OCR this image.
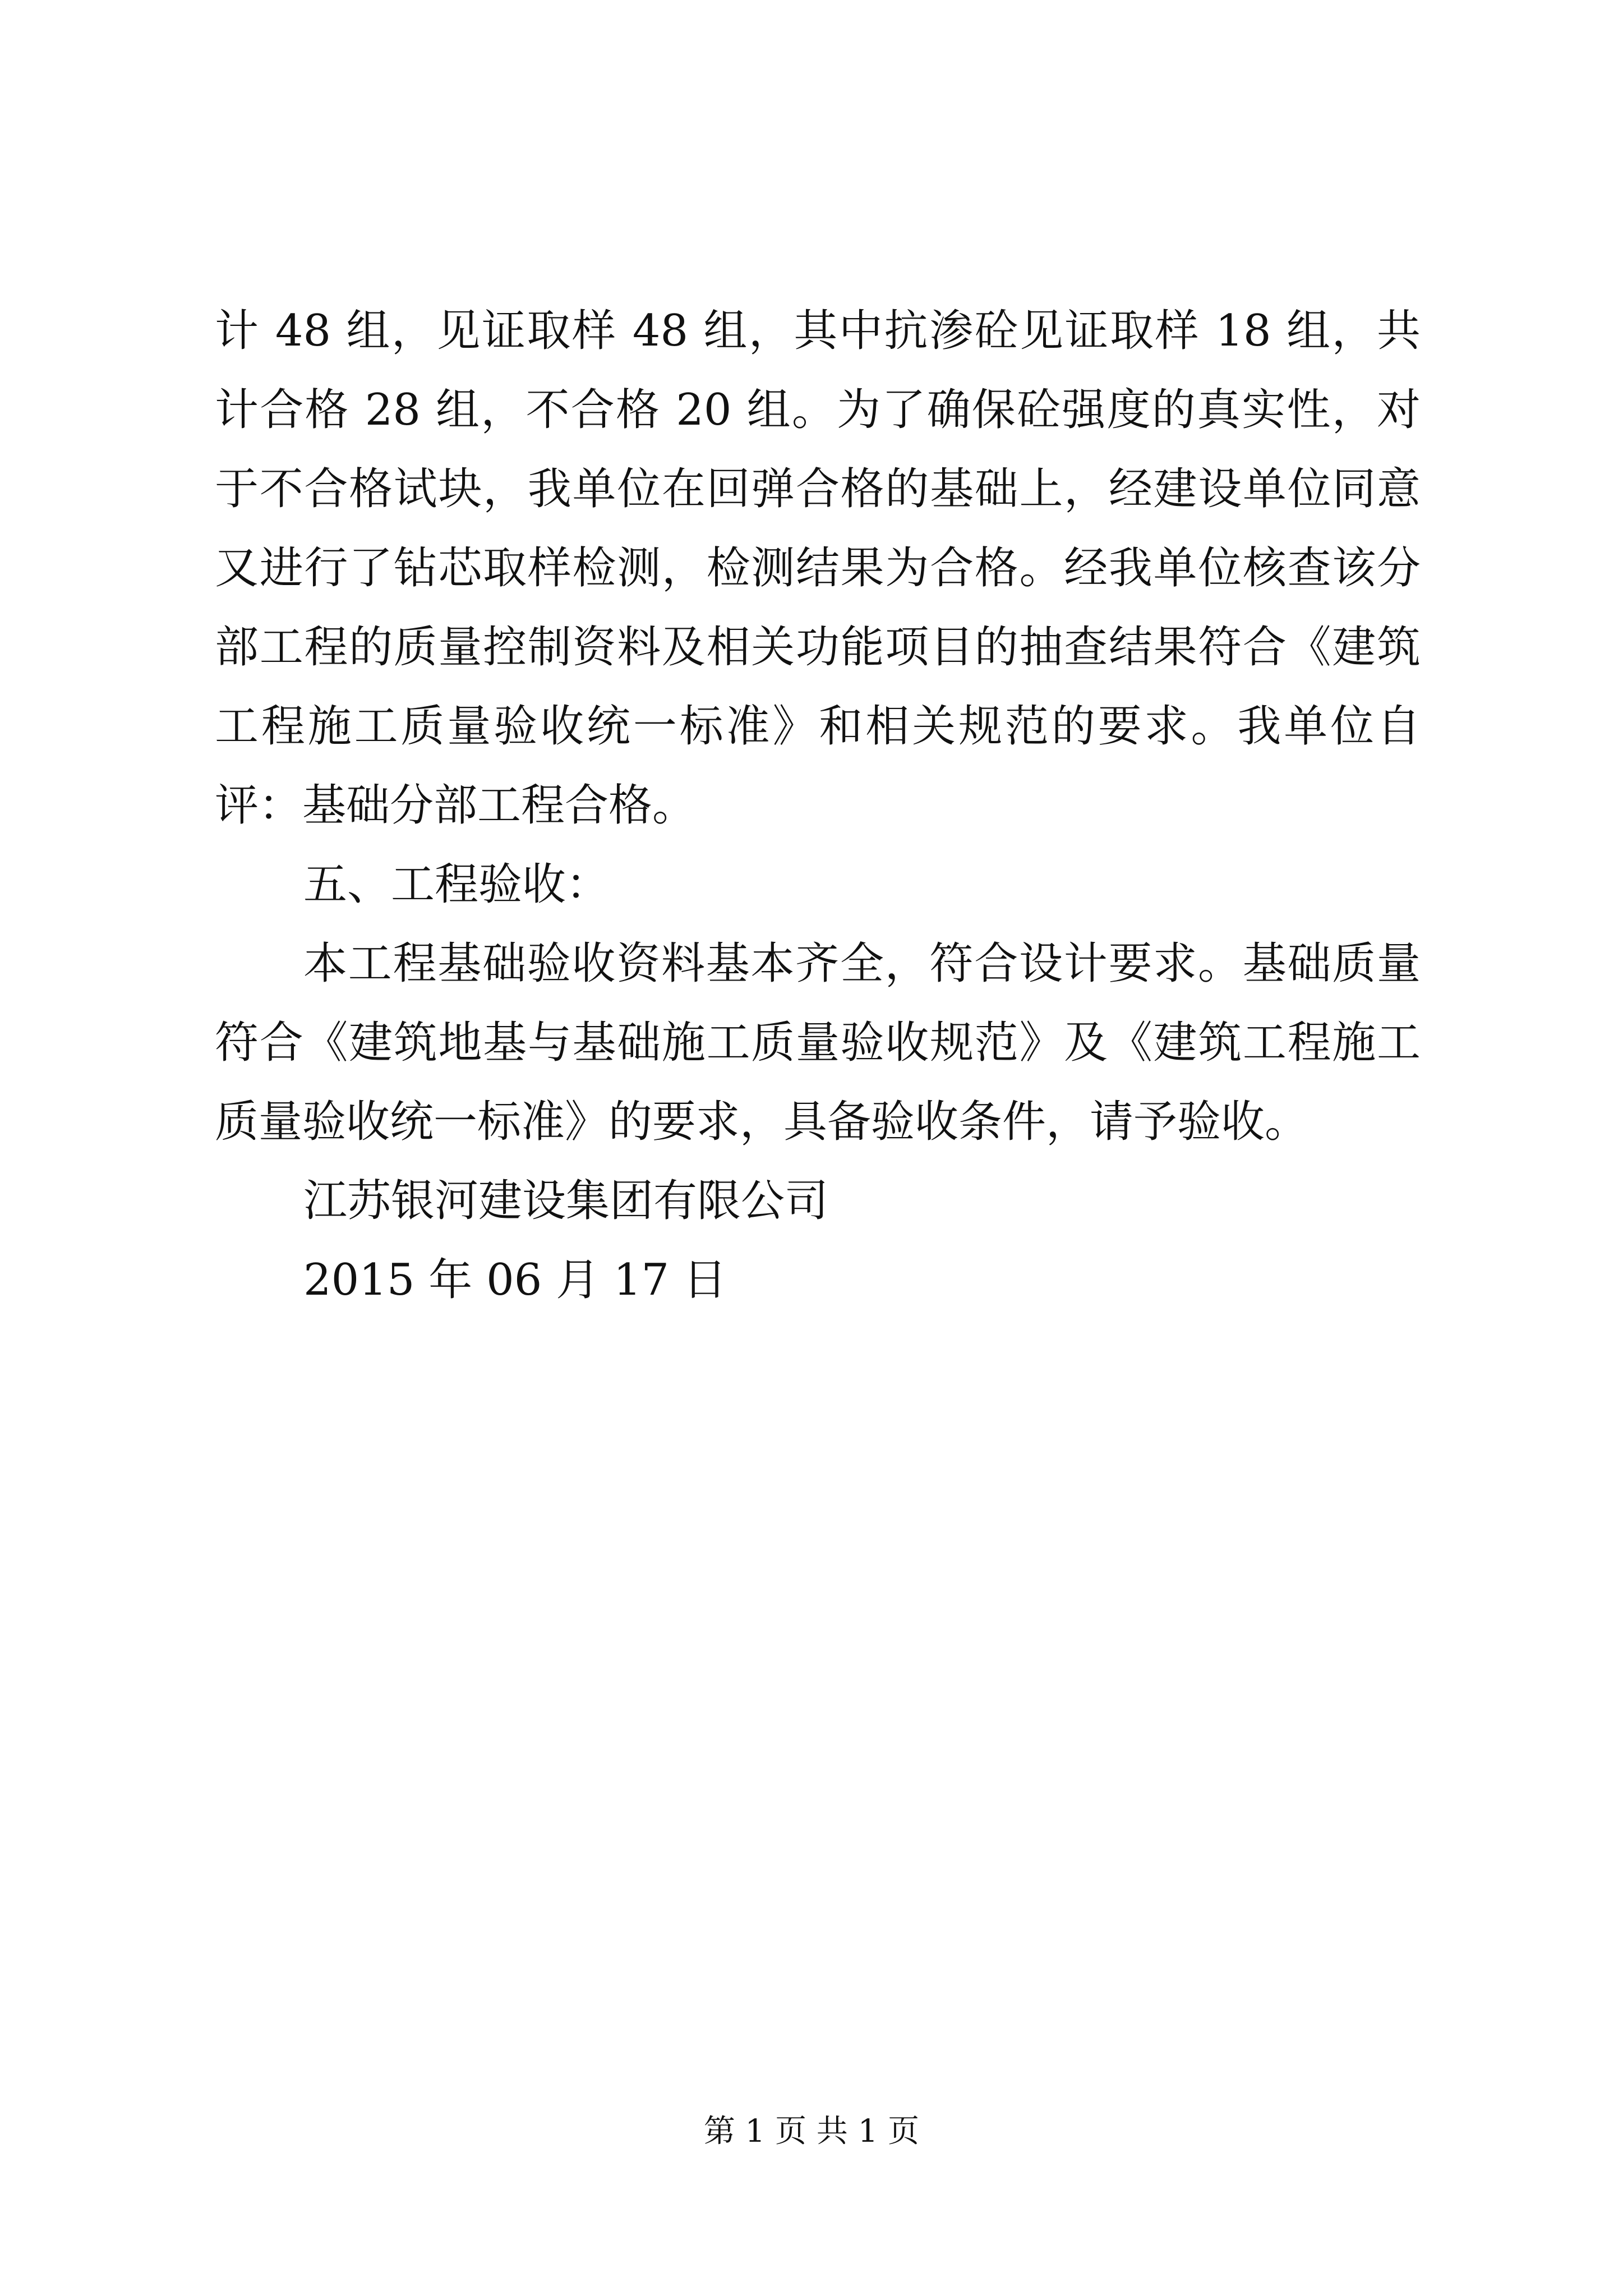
计 48 组，见证取样 48 组，其中抗渗砼见证取样 18 组，共计合格 28 组，不合格 20 组。为了确保砼强度的真实性，对于不合格试块，我单位在回弹合格的基础上，经建设单位同意又进行了钻芯取样检测，检测结果为合格。经我单位核查该分部工程的质量控制资料及相关功能项目的抽查结果符合《建筑工程施工质量验收统一标准》和相关规范的要求。我单位自评：基础分部工程合格。

五、工程验收：

本工程基础验收资料基本齐全，符合设计要求。基础质量符合《建筑地基与基础施工质量验收规范》及《建筑工程施工质量验收统一标准》的要求，具备验收条件，请予验收。

江苏银河建设集团有限公司

2015 年 06 月 17 日

第 1 页 共 1 页
